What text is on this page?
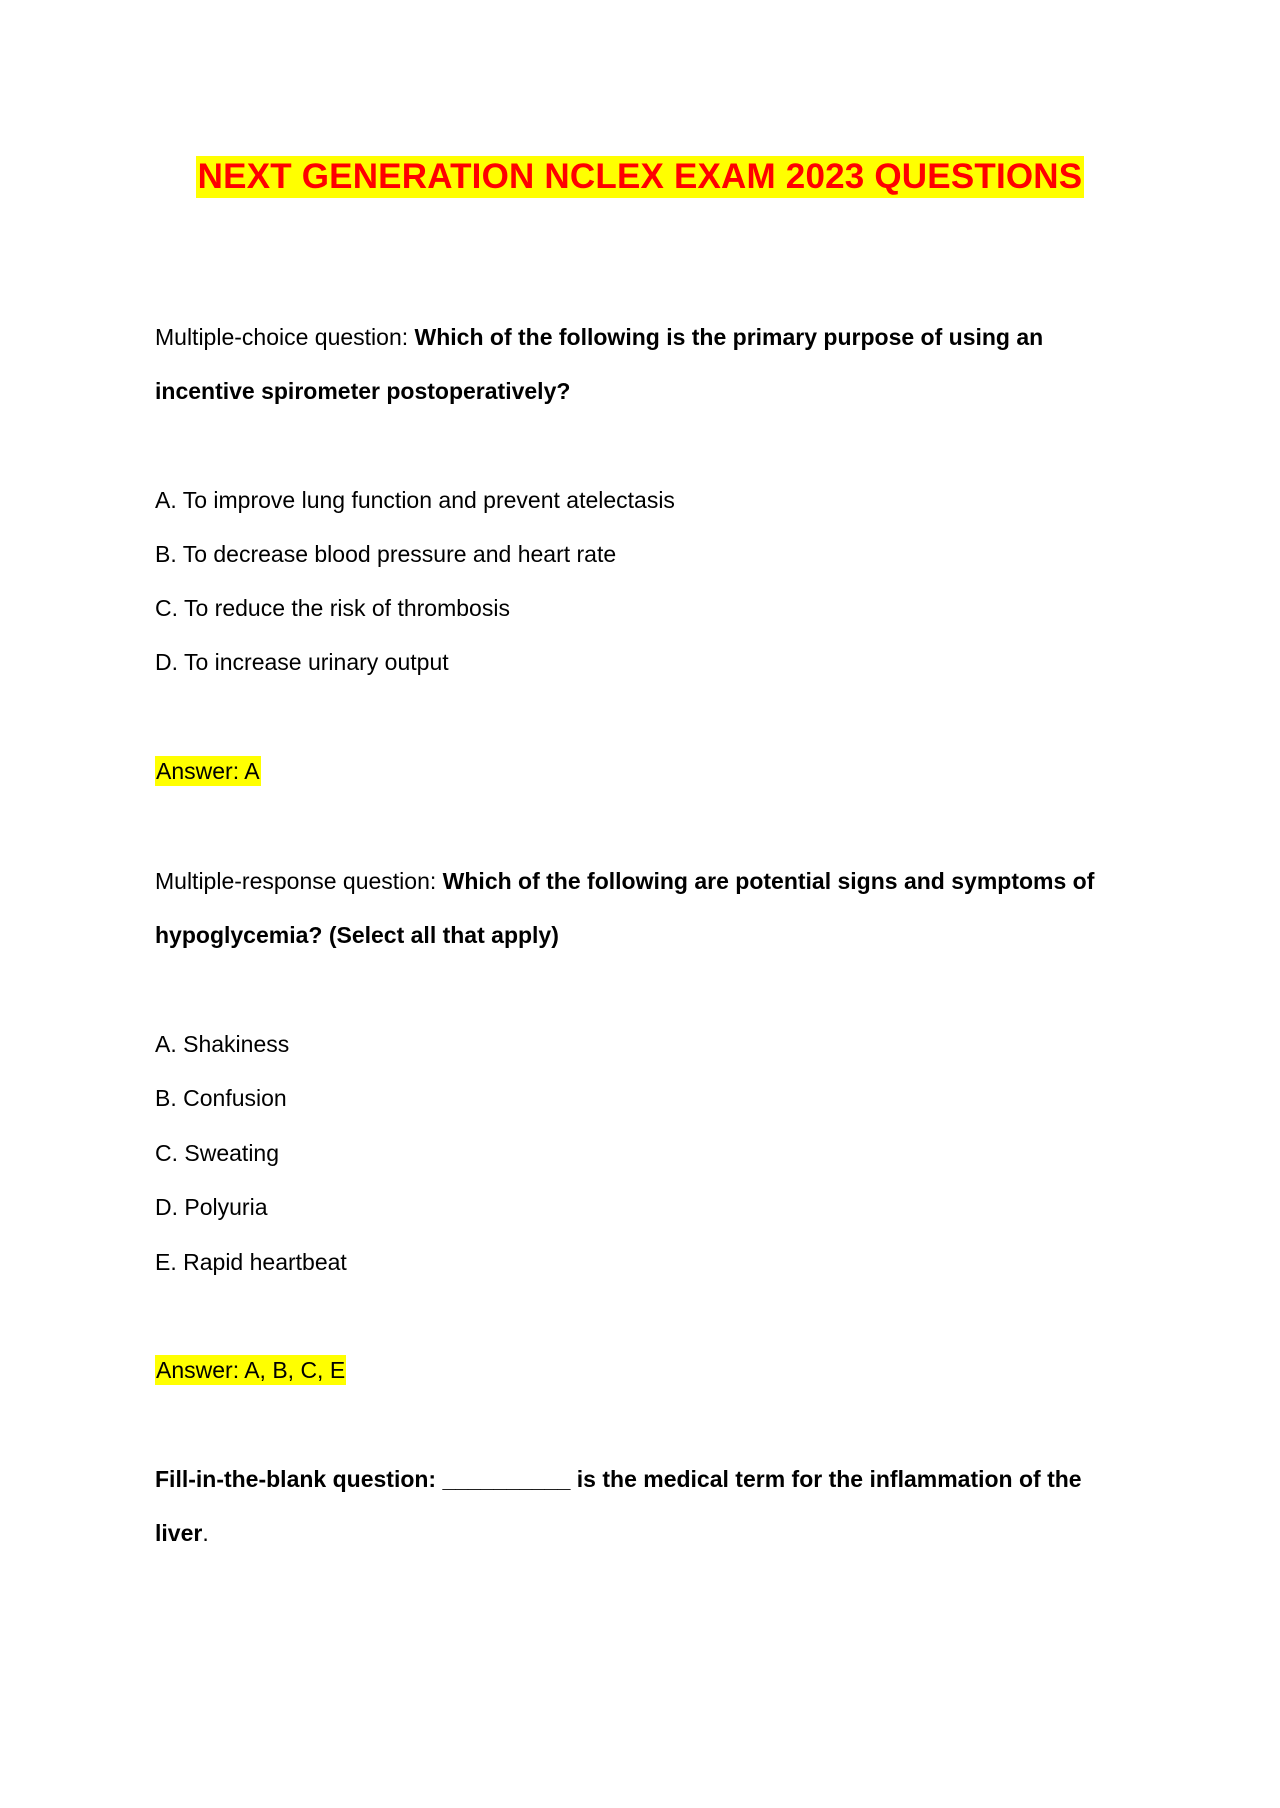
NEXT GENERATION NCLEX EXAM 2023 QUESTIONS
Multiple-choice question: Which of the following is the primary purpose of using an
incentive spirometer postoperatively?
A. To improve lung function and prevent atelectasis
B. To decrease blood pressure and heart rate
C. To reduce the risk of thrombosis
D. To increase urinary output
Answer: A
Multiple-response question: Which of the following are potential signs and symptoms of
hypoglycemia? (Select all that apply)
A. Shakiness
B. Confusion
C. Sweating
D. Polyuria
E. Rapid heartbeat
Answer: A, B, C, E
Fill-in-the-blank question: __________ is the medical term for the inflammation of the
liver.
